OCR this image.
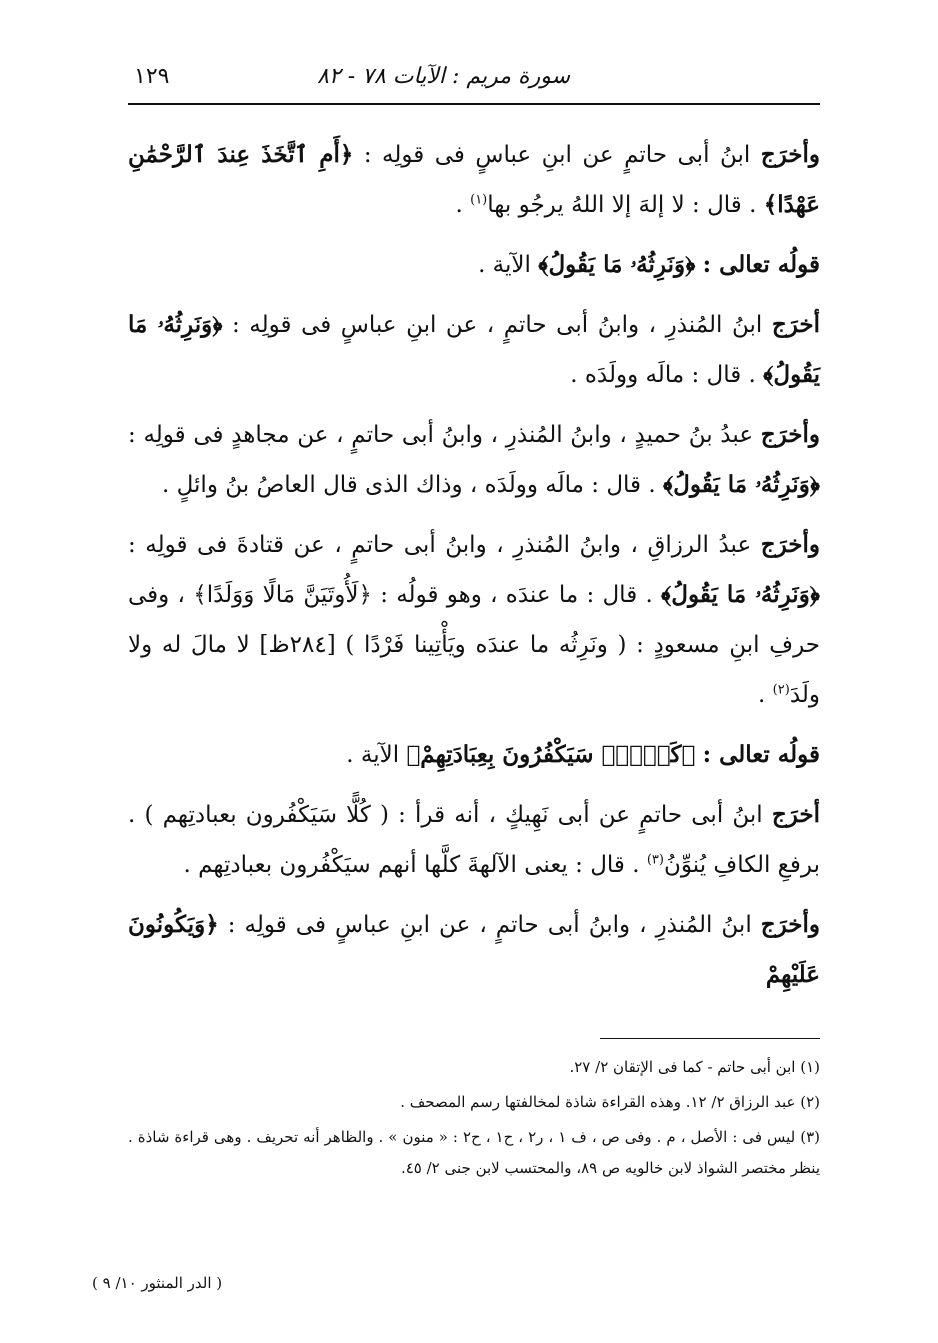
سورة مريم : الآيات ٧٨ - ٨٢
١٢٩

وأخرَج ابنُ أبى حاتمٍ عن ابنِ عباسٍ فى قولِه : ﴿أَمِ ٱتَّخَذَ عِندَ ٱلرَّحْمَٰنِ عَهْدًا﴾ . قال : لا إلهَ إلا اللهُ يرجُو بها$^{(١)}$ .

قولُه تعالى : ﴿وَنَرِثُهُۥ مَا يَقُولُ﴾ الآية .

أخرَج ابنُ المُنذرِ ، وابنُ أبى حاتمٍ ، عن ابنِ عباسٍ فى قولِه : ﴿وَنَرِثُهُۥ مَا يَقُولُ﴾ . قال : مالَه وولَدَه .

وأخرَج عبدُ بنُ حميدٍ ، وابنُ المُنذرِ ، وابنُ أبى حاتمٍ ، عن مجاهدٍ فى قولِه : ﴿وَنَرِثُهُۥ مَا يَقُولُ﴾ . قال : مالَه وولَدَه ، وذاك الذى قال العاصُ بنُ وائلٍ .

وأخرَج عبدُ الرزاقِ ، وابنُ المُنذرِ ، وابنُ أبى حاتمٍ ، عن قتادةَ فى قولِه : ﴿وَنَرِثُهُۥ مَا يَقُولُ﴾ . قال : ما عندَه ، وهو قولُه : ﴿لَأُوتَيَنَّ مَالًا وَوَلَدًا﴾ ، وفى حرفِ ابنِ مسعودٍ : ( ونَرِثُه ما عندَه ويَأْتِينا فَرْدًا ) [٢٨٤ظ] لا مالَ له ولا ولَدَ$^{(٢)}$ .

قولُه تعالى : ﴿كَلَّاۚ سَيَكْفُرُونَ بِعِبَادَتِهِمْ﴾ الآية .

أخرَج ابنُ أبى حاتمٍ عن أبى نَهِيكٍ ، أنه قرأ : ( كُلًّا سَيَكْفُرون بعبادتِهم ) . برفعِ الكافِ يُنوِّنُ$^{(٣)}$ . قال : يعنى الآلهةَ كلَّها أنهم سيَكْفُرون بعبادتِهم .

وأخرَج ابنُ المُنذرِ ، وابنُ أبى حاتمٍ ، عن ابنِ عباسٍ فى قولِه : ﴿وَيَكُونُونَ عَلَيْهِمْ

(١) ابن أبى حاتم - كما فى الإتقان ٢/ ٢٧.

(٢) عبد الرزاق ٢/ ١٢. وهذه القراءة شاذة لمخالفتها رسم المصحف .

(٣) ليس فى : الأصل ، م . وفى ص ، ف ١ ، ر٢ ، ح١ ، ح٢ : « منون » . والظاهر أنه تحريف . وهى قراءة شاذة . ينظر مختصر الشواذ لابن خالويه ص ٨٩، والمحتسب لابن جنى ٢/ ٤٥.

( الدر المنثور ١٠/ ٩ )
